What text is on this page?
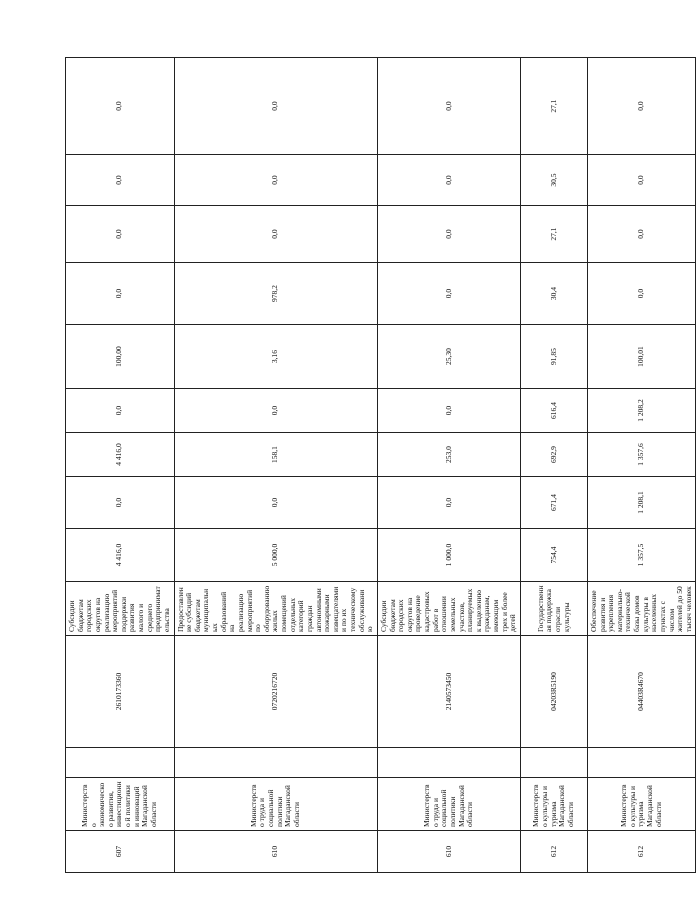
607	Министерство экономическо о развития, инвестиционно й политики и инноваций Магаданской области		2610173360	Субсидии бюджетам городских округов на реализацию мероприятий поддержки развития малого и среднего предпринимательства	4 416,0	0,0	4 416,0	0,0	100,00	0,0	0,0	0,0	0,0	
610	Министерство труда и социальной политики Магаданской области		0720216720	Предоставление субсидий бюджетам муниципальных образований на реализацию мероприятий по оборудованию жилых помещений отдельных категорий граждан автономными пожарными извещателями и по их техническому обслуживанию	5 000,0	0,0	158,1	0,0	3,16	978,2	0,0	0,0	0,0	
610	Министерство труда и социальной политики Магаданской области		2140573450	Субсидии бюджетам городских округов на проведение кадастровых работ в отношении земельных участков, планируемых к выделению гражданам, имеющим трех и более детей	1 000,0	0,0	253,0	0,0	25,30	0,0	0,0	0,0	0,0	
612	Министерство культуры и туризма Магаданской области		04203R5190	Государственная поддержка отрасли культуры	754,4	671,4	692,9	616,4	91,85	30,4	27,1	30,5	27,1	
612	Министерство культуры и туризма Магаданской области		04403R4670	Обеспечение развития и укрепления материально-технической базы домов культуры в населенных пунктах с числом жителей до 50 тысяч человек	1 357,5	1 208,1	1 357,6	1 208,2	100,01	0,0	0,0	0,0	0,0	
